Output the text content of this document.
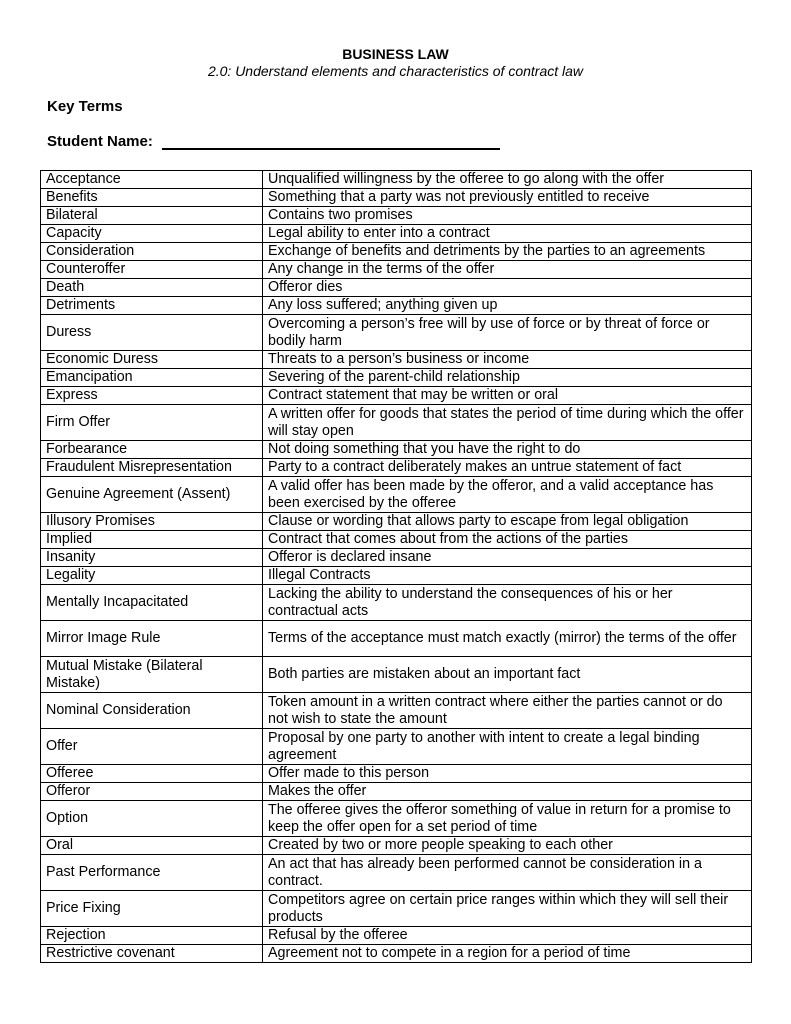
BUSINESS LAW
2.0: Understand elements and characteristics of contract law
Key Terms
Student Name:
Acceptance	Unqualified willingness by the offeree to go along with the offer
Benefits	Something that a party was not previously entitled to receive
Bilateral	Contains two promises
Capacity	Legal ability to enter into a contract
Consideration	Exchange of benefits and detriments by the parties to an agreements
Counteroffer	Any change in the terms of the offer
Death	Offeror dies
Detriments	Any loss suffered; anything given up
Duress	Overcoming a person’s free will by use of force or by threat of force or bodily harm
Economic Duress	Threats to a person’s business or income
Emancipation	Severing of the parent-child relationship
Express	Contract statement that may be written or oral
Firm Offer	A written offer for goods that states the period of time during which the offer will stay open
Forbearance	Not doing something that you have the right to do
Fraudulent Misrepresentation	Party to a contract deliberately makes an untrue statement of fact
Genuine Agreement (Assent)	A valid offer has been made by the offeror, and a valid acceptance has been exercised by the offeree
Illusory Promises	Clause or wording that allows party to escape from legal obligation
Implied	Contract that comes about from the actions of the parties
Insanity	Offeror is declared insane
Legality	Illegal Contracts
Mentally Incapacitated	Lacking the ability to understand the consequences of his or her contractual acts
Mirror Image Rule	Terms of the acceptance must match exactly (mirror) the terms of the offer
Mutual Mistake (Bilateral Mistake)	Both parties are mistaken about an important fact
Nominal Consideration	Token amount in a written contract where either the parties cannot or do not wish to state the amount
Offer	Proposal by one party to another with intent to create a legal binding agreement
Offeree	Offer made to this person
Offeror	Makes the offer
Option	The offeree gives the offeror something of value in return for a promise to keep the offer open for a set period of time
Oral	Created by two or more people speaking to each other
Past Performance	An act that has already been performed cannot be consideration in a contract.
Price Fixing	Competitors agree on certain price ranges within which they will sell their products
Rejection	Refusal by the offeree
Restrictive covenant	Agreement not to compete in a region for a period of time
